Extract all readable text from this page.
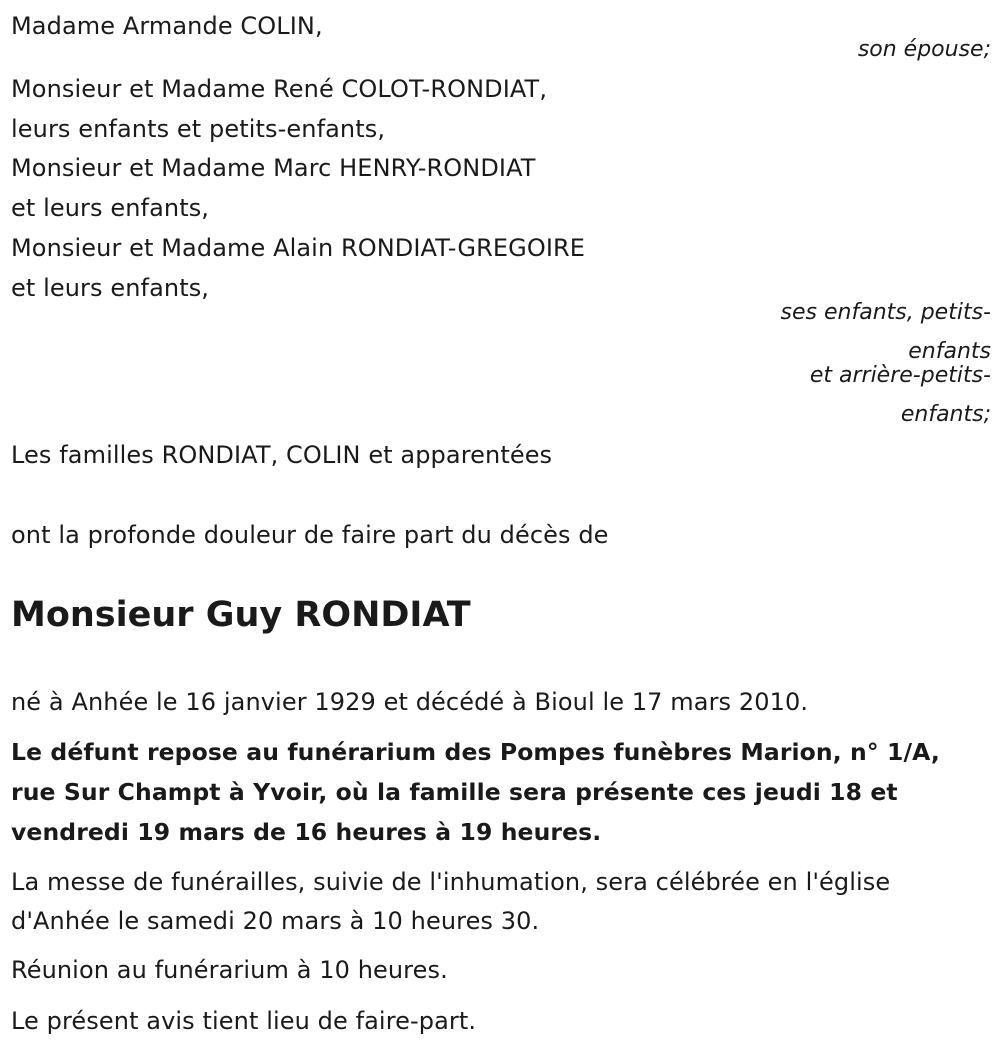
Madame Armande COLIN,
son épouse;
Monsieur et Madame René COLOT-RONDIAT,
leurs enfants et petits-enfants,
Monsieur et Madame Marc HENRY-RONDIAT
et leurs enfants,
Monsieur et Madame Alain RONDIAT-GREGOIRE
et leurs enfants,
ses enfants, petits-
enfants
et arrière-petits-
enfants;
Les familles RONDIAT, COLIN et apparentées
ont la profonde douleur de faire part du décès de
Monsieur Guy RONDIAT
né à Anhée le 16 janvier 1929 et décédé à Bioul le 17 mars 2010.
Le défunt repose au funérarium des Pompes funèbres Marion, n° 1/A,
rue Sur Champt à Yvoir, où la famille sera présente ces jeudi 18 et
vendredi 19 mars de 16 heures à 19 heures.
La messe de funérailles, suivie de l'inhumation, sera célébrée en l'église
d'Anhée le samedi 20 mars à 10 heures 30.
Réunion au funérarium à 10 heures.
Le présent avis tient lieu de faire-part.
